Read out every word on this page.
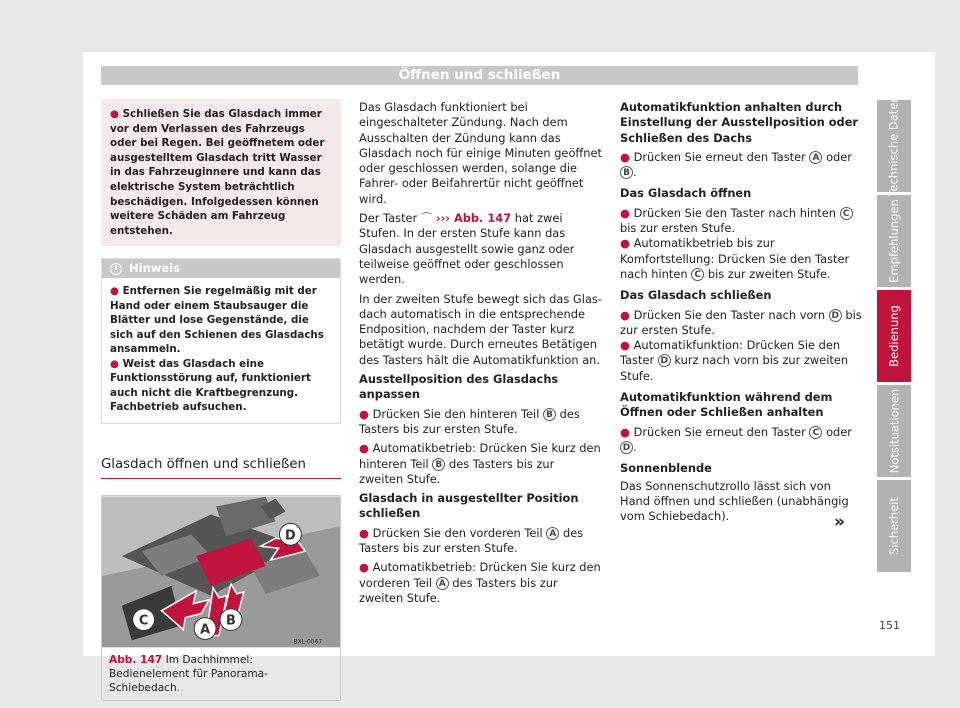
Öffnen und schließen
Technische Daten
Empfehlungen
Bedienung
Notsituationen
Sicherheit
● Schließen Sie das Glasdach immer vor dem Verlassen des Fahrzeugs oder bei Regen. Bei geöffnetem oder ausgestelltem Glasdach tritt Wasser in das Fahrzeuginnere und kann das elektrische System beträchtlich beschädigen. Infolgedessen können weitere Schäden am Fahrzeug entstehen.
i Hinweis
● Entfernen Sie regelmäßig mit der Hand oder einem Staubsauger die Blätter und lose Gegenstände, die sich auf den Schienen des Glasdachs ansammeln.
● Weist das Glasdach eine Funktionsstörung auf, funktioniert auch nicht die Kraftbegrenzung. Fachbetrieb aufsuchen.
Glasdach öffnen und schließen
D
C
A
B
BXL-0067
Abb. 147 Im Dachhimmel: Bedienelement für Panorama-Schiebedach.

Das Glasdach funktioniert bei eingeschalteter Zündung. Nach dem Ausschalten der Zündung kann das Glasdach noch für einige Minuten geöffnet oder geschlossen werden, solange die Fahrer- oder Beifahrertür nicht geöffnet wird.

Der Taster ⌒ ››› Abb. 147 hat zwei Stufen. In der ersten Stufe kann das Glasdach ausgestellt sowie ganz oder teilweise geöffnet oder geschlossen werden.

In der zweiten Stufe bewegt sich das Glasdach automatisch in die entsprechende Endposition, nachdem der Taster kurz betätigt wurde. Durch erneutes Betätigen des Tasters hält die Automatikfunktion an.

Ausstellposition des Glasdachs anpassen

● Drücken Sie den hinteren Teil B des Tasters bis zur ersten Stufe.

● Automatikbetrieb: Drücken Sie kurz den hinteren Teil B des Tasters bis zur zweiten Stufe.

Glasdach in ausgestellter Position schließen

● Drücken Sie den vorderen Teil A des Tasters bis zur ersten Stufe.

● Automatikbetrieb: Drücken Sie kurz den vorderen Teil A des Tasters bis zur zweiten Stufe.

Automatikfunktion anhalten durch Einstellung der Ausstellposition oder Schließen des Dachs

● Drücken Sie erneut den Taster A oder B .

Das Glasdach öffnen

● Drücken Sie den Taster nach hinten C bis zur ersten Stufe.

● Automatikbetrieb bis zur Komfortstellung: Drücken Sie den Taster nach hinten C bis zur zweiten Stufe.

Das Glasdach schließen

● Drücken Sie den Taster nach vorn D bis zur ersten Stufe.

● Automatikfunktion: Drücken Sie den Taster D kurz nach vorn bis zur zweiten Stufe.

Automatikfunktion während dem Öffnen oder Schließen anhalten

● Drücken Sie erneut den Taster C oder D .

Sonnenblende

Das Sonnenschutzrollo lässt sich von Hand öffnen und schließen (unabhängig vom Schiebedach).	»
151
